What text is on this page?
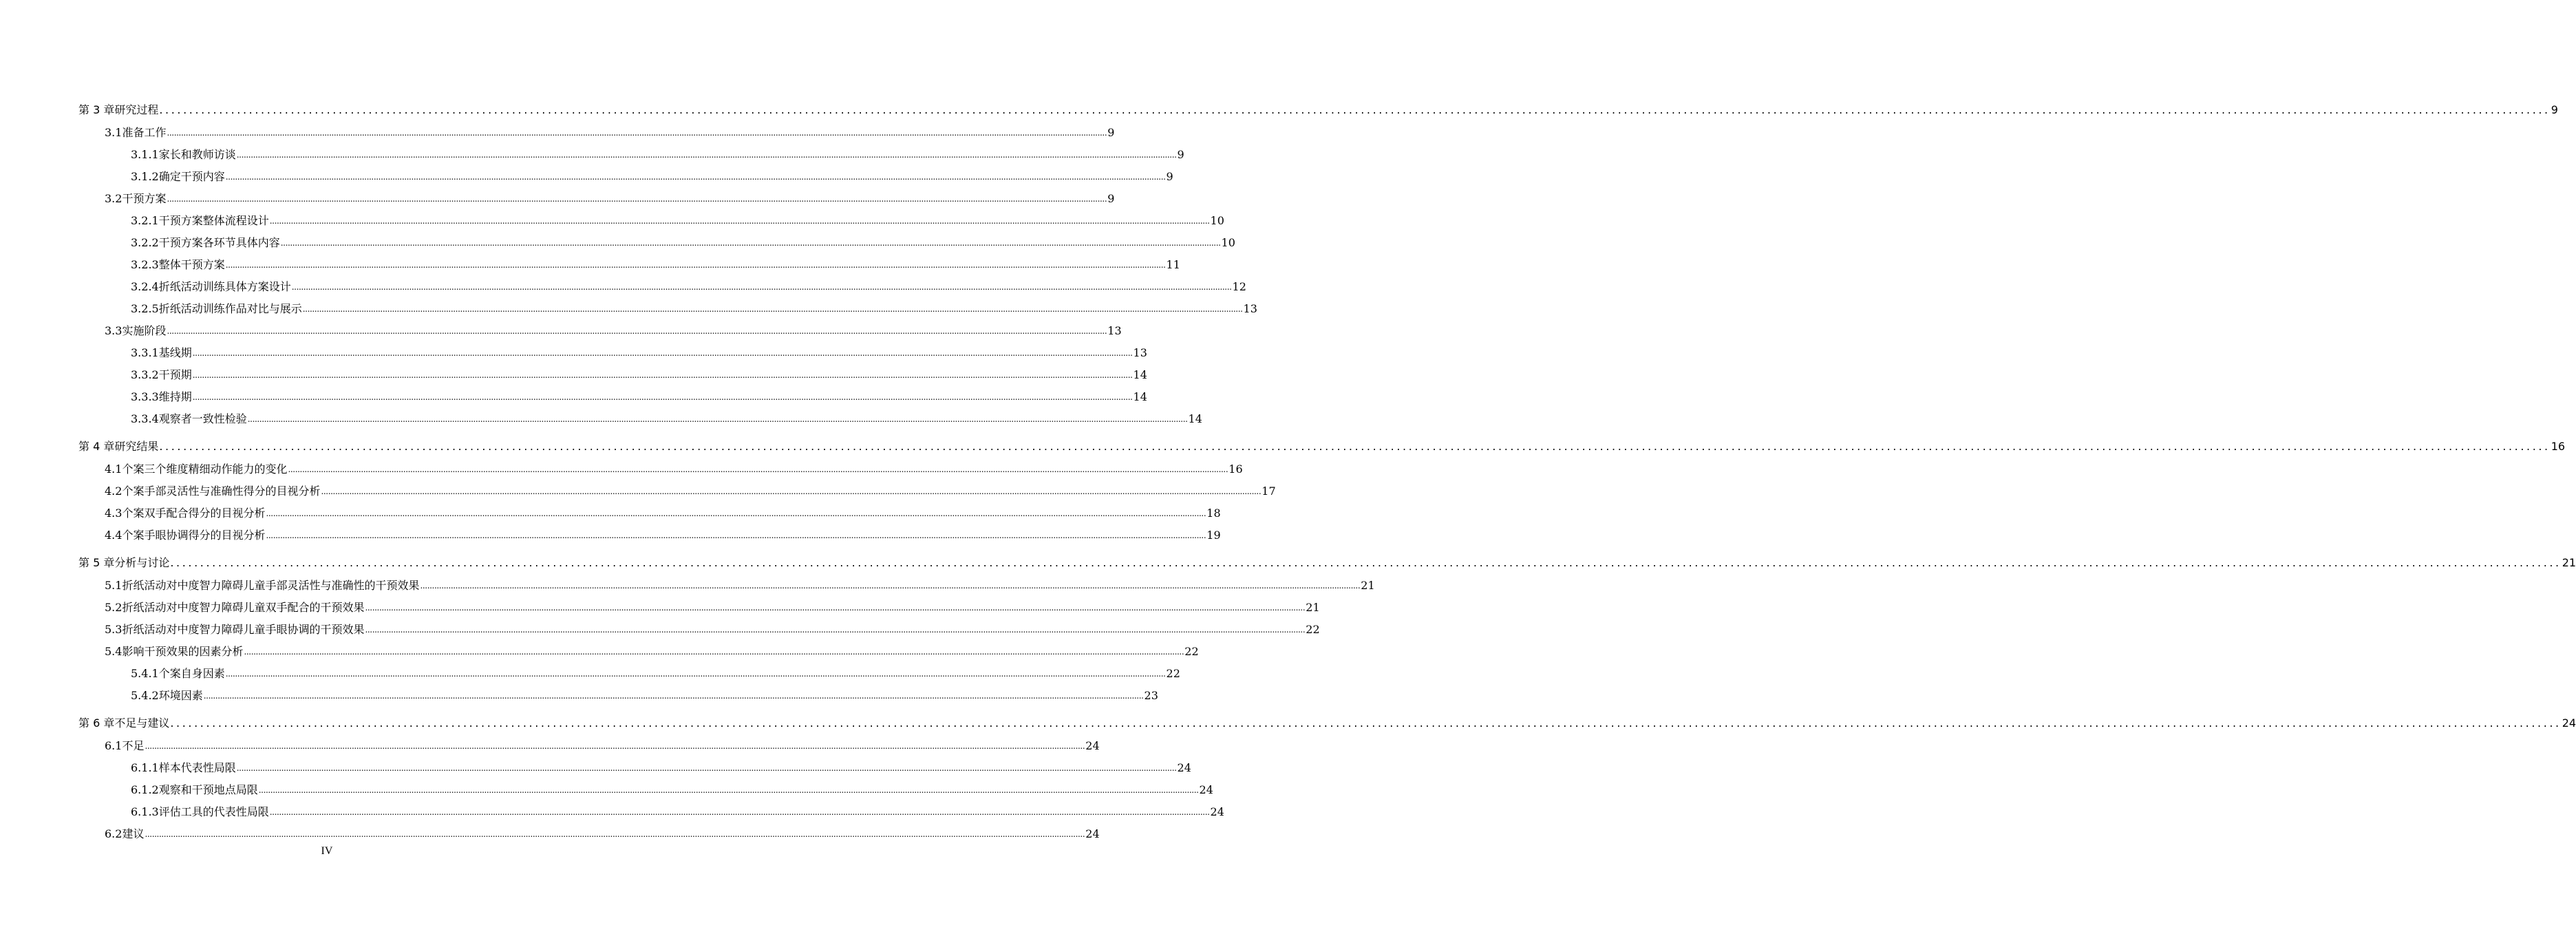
第 3 章 研究过程 ................................................................................................................................................................................................................................................................................................................................................................................................................ 9
3.1 准备工作 ................................................................................................................................................................................................................................................................................................................................................................................................................ 9
3.1.1 家长和教师访谈 ................................................................................................................................................................................................................................................................................................................................................................................................................ 9
3.1.2 确定干预内容 ................................................................................................................................................................................................................................................................................................................................................................................................................ 9
3.2 干预方案 ................................................................................................................................................................................................................................................................................................................................................................................................................ 9
3.2.1 干预方案整体流程设计 ................................................................................................................................................................................................................................................................................................................................................................................................................ 10
3.2.2 干预方案各环节具体内容 ................................................................................................................................................................................................................................................................................................................................................................................................................ 10
3.2.3 整体干预方案 ................................................................................................................................................................................................................................................................................................................................................................................................................ 11
3.2.4 折纸活动训练具体方案设计 ................................................................................................................................................................................................................................................................................................................................................................................................................ 12
3.2.5 折纸活动训练作品对比与展示 ................................................................................................................................................................................................................................................................................................................................................................................................................ 13
3.3 实施阶段 ................................................................................................................................................................................................................................................................................................................................................................................................................ 13
3.3.1 基线期 ................................................................................................................................................................................................................................................................................................................................................................................................................ 13
3.3.2 干预期 ................................................................................................................................................................................................................................................................................................................................................................................................................ 14
3.3.3 维持期 ................................................................................................................................................................................................................................................................................................................................................................................................................ 14
3.3.4 观察者一致性检验 ................................................................................................................................................................................................................................................................................................................................................................................................................ 14
第 4 章 研究结果 ................................................................................................................................................................................................................................................................................................................................................................................................................ 16
4.1 个案三个维度精细动作能力的变化 ................................................................................................................................................................................................................................................................................................................................................................................................................ 16
4.2 个案手部灵活性与准确性得分的目视分析 ................................................................................................................................................................................................................................................................................................................................................................................................................ 17
4.3 个案双手配合得分的目视分析 ................................................................................................................................................................................................................................................................................................................................................................................................................ 18
4.4 个案手眼协调得分的目视分析 ................................................................................................................................................................................................................................................................................................................................................................................................................ 19
第 5 章 分析与讨论 ................................................................................................................................................................................................................................................................................................................................................................................................................ 21
5.1 折纸活动对中度智力障碍儿童手部灵活性与准确性的干预效果 ................................................................................................................................................................................................................................................................................................................................................................................................................ 21
5.2 折纸活动对中度智力障碍儿童双手配合的干预效果 ................................................................................................................................................................................................................................................................................................................................................................................................................ 21
5.3 折纸活动对中度智力障碍儿童手眼协调的干预效果 ................................................................................................................................................................................................................................................................................................................................................................................................................ 22
5.4 影响干预效果的因素分析 ................................................................................................................................................................................................................................................................................................................................................................................................................ 22
5.4.1 个案自身因素 ................................................................................................................................................................................................................................................................................................................................................................................................................ 22
5.4.2 环境因素 ................................................................................................................................................................................................................................................................................................................................................................................................................ 23
第 6 章 不足与建议 ................................................................................................................................................................................................................................................................................................................................................................................................................ 24
6.1 不足 ................................................................................................................................................................................................................................................................................................................................................................................................................ 24
6.1.1 样本代表性局限 ................................................................................................................................................................................................................................................................................................................................................................................................................ 24
6.1.2 观察和干预地点局限 ................................................................................................................................................................................................................................................................................................................................................................................................................ 24
6.1.3 评估工具的代表性局限 ................................................................................................................................................................................................................................................................................................................................................................................................................ 24
6.2 建议 ................................................................................................................................................................................................................................................................................................................................................................................................................ 24
IV
